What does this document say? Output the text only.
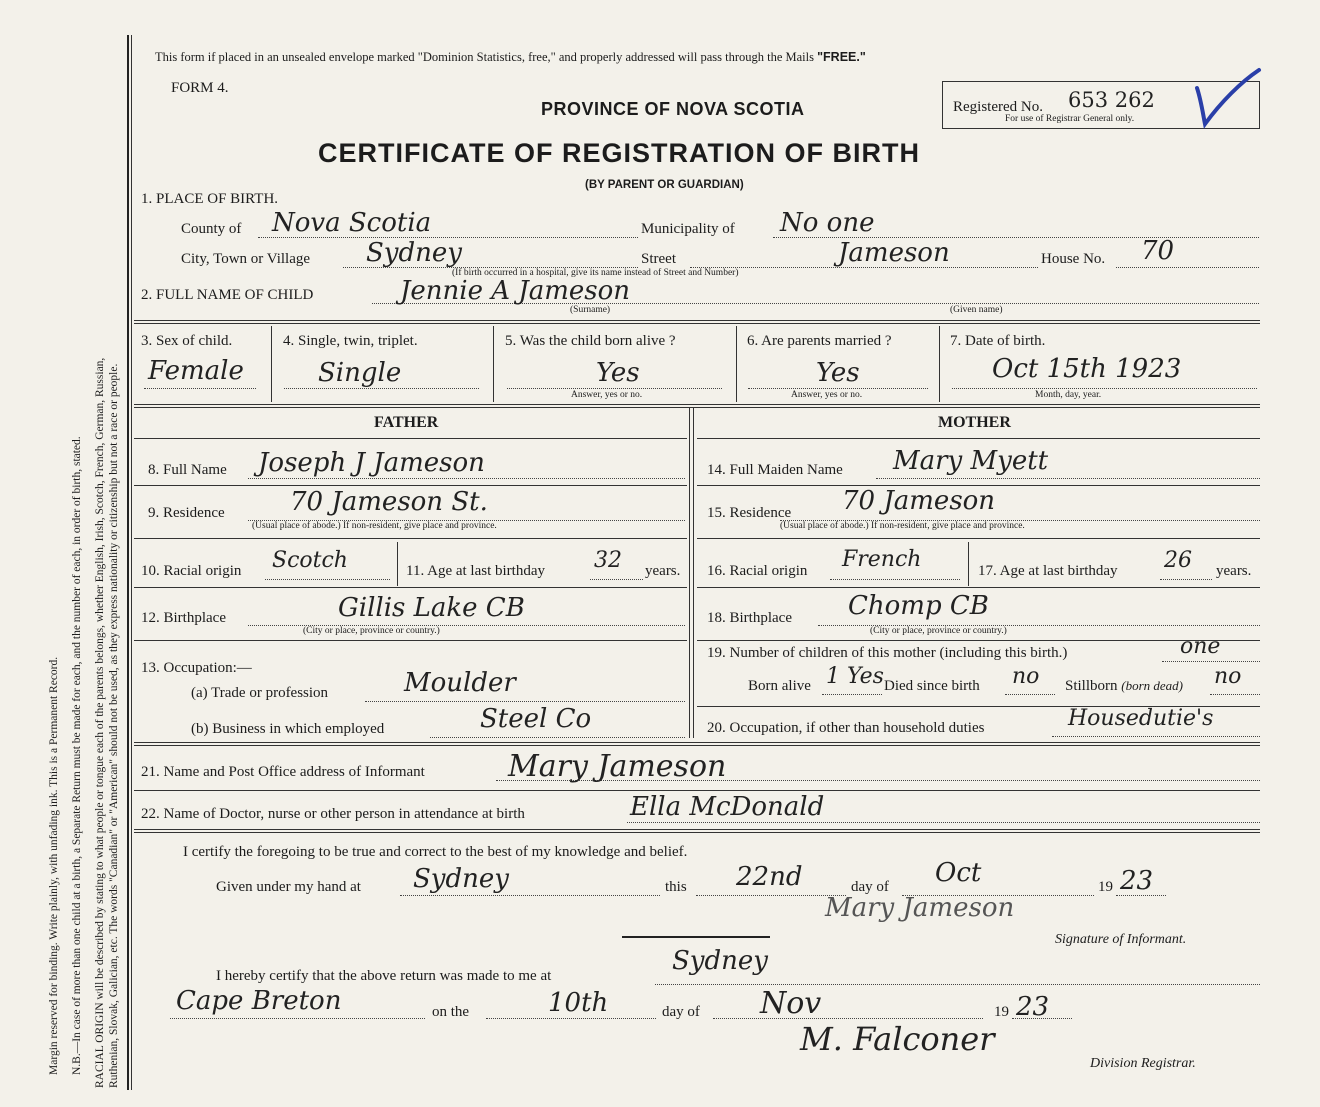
Margin reserved for binding. Write plainly, with unfading ink. This is a Permanent Record. N.B.—In case of more than one child at a birth, a Separate Return must be made for each, and the number of each, in order of birth, stated. RACIAL ORIGIN will be described by stating to what people or tongue each of the parents belongs, whether English, Irish, Scotch, French, German, Russian, Ruthenian, Slovak, Galician, etc. The words "Canadian" or "American" should not be used, as they express nationality or citizenship but not a race or people.
This form if placed in an unsealed envelope marked "Dominion Statistics, free," and properly addressed will pass through the Mails "FREE."
FORM 4.
PROVINCE OF NOVA SCOTIA
CERTIFICATE OF REGISTRATION OF BIRTH
(BY PARENT OR GUARDIAN)
Registered No. 653 262
For use of Registrar General only.
1. PLACE OF BIRTH.
County of Nova Scotia	Municipality of No one
City, Town or Village Sydney	Street	Jameson	House No. 70
(If birth occurred in a hospital, give its name instead of Street and Number)
2. FULL NAME OF CHILD	Jennie A Jameson
(Surname)	(Given name)
3. Sex of child.
Female
4. Single, twin, triplet.
Single
5. Was the child born alive ?
Yes
Answer, yes or no.
6. Are parents married ?
Yes
Answer, yes or no.
7. Date of birth.
Oct 15th 1923
Month, day, year.
FATHER	MOTHER
8. Full Name Joseph J Jameson	14. Full Maiden Name Mary Myett
9. Residence	70 Jameson St.
(Usual place of abode.) If non-resident, give place and province.
15. Residence 70 Jameson
(Usual place of abode.) If non-resident, give place and province.
10. Racial origin Scotch	11. Age at last birthday 32 years. 16. Racial origin French	17. Age at last birthday 26 years.
12. Birthplace	Gillis Lake CB
(City or place, province or country.)
18. Birthplace Chomp CB
(City or place, province or country.)
13. Occupation:—
(a) Trade or profession	Moulder
(b) Business in which employed	Steel Co
19. Number of children of this mother (including this birth.)	one
Born alive 1 Yes Died since birth no Stillborn (born dead) no
20. Occupation, if other than household duties	Housedutie's
21. Name and Post Office address of Informant	Mary Jameson
22. Name of Doctor, nurse or other person in attendance at birth	Ella McDonald
I certify the foregoing to be true and correct to the best of my knowledge and belief.
Given under my hand at Sydney	this 22nd	day of Oct	19 23
Mary Jameson
Signature of Informant.
I hereby certify that the above return was made to me at	Sydney
Cape Breton	on the	10th	day of Nov	19 23
M. Falconer
Division Registrar.
